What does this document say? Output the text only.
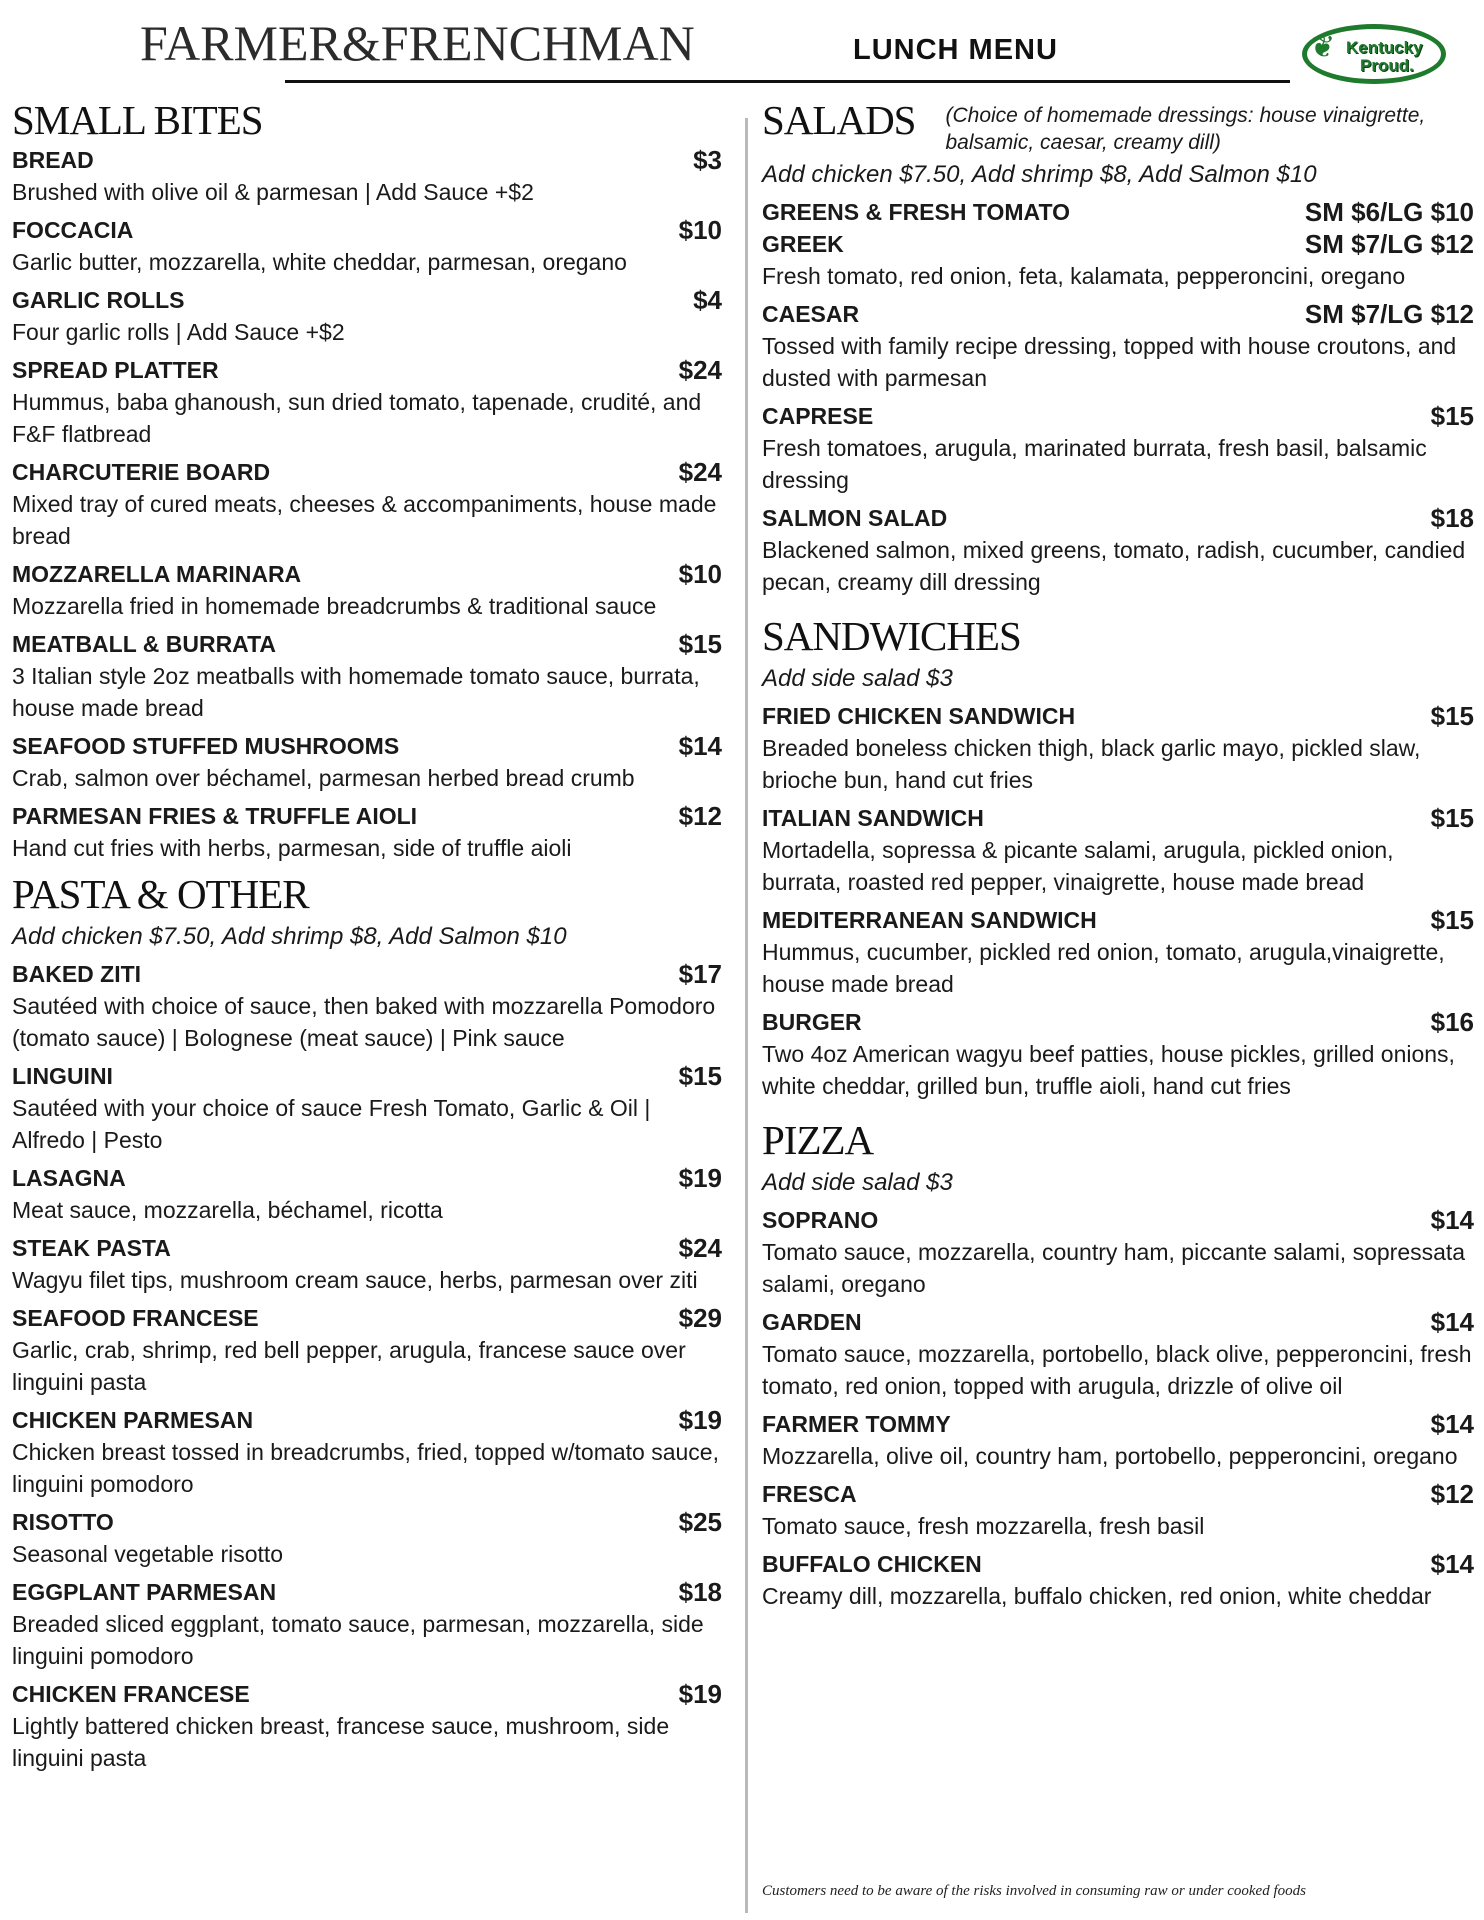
FARMER&FRENCHMAN	LUNCH MENU	❦ Kentucky
Proud.
SMALL BITES
BREAD	$3
Brushed with olive oil & parmesan | Add Sauce +$2
FOCCACIA	$10
Garlic butter, mozzarella, white cheddar, parmesan, oregano
GARLIC ROLLS	$4
Four garlic rolls | Add Sauce +$2
SPREAD PLATTER	$24
Hummus, baba ghanoush, sun dried tomato, tapenade, crudité, and F&F flatbread
CHARCUTERIE BOARD	$24
Mixed tray of cured meats, cheeses & accompaniments, house made bread
MOZZARELLA MARINARA	$10
Mozzarella fried in homemade breadcrumbs & traditional sauce
MEATBALL & BURRATA	$15
3 Italian style 2oz meatballs with homemade tomato sauce, burrata, house made bread
SEAFOOD STUFFED MUSHROOMS	$14
Crab, salmon over béchamel, parmesan herbed bread crumb
PARMESAN FRIES & TRUFFLE AIOLI	$12
Hand cut fries with herbs, parmesan, side of truffle aioli
PASTA & OTHER
Add chicken $7.50, Add shrimp $8, Add Salmon $10
BAKED ZITI	$17
Sautéed with choice of sauce, then baked with mozzarella Pomodoro (tomato sauce) | Bolognese (meat sauce) | Pink sauce
LINGUINI	$15
Sautéed with your choice of sauce Fresh Tomato, Garlic & Oil | Alfredo | Pesto
LASAGNA	$19
Meat sauce, mozzarella, béchamel, ricotta
STEAK PASTA	$24
Wagyu filet tips, mushroom cream sauce, herbs, parmesan over ziti
SEAFOOD FRANCESE	$29
Garlic, crab, shrimp, red bell pepper, arugula, francese sauce over linguini pasta
CHICKEN PARMESAN	$19
Chicken breast tossed in breadcrumbs, fried, topped w/tomato sauce, linguini pomodoro
RISOTTO	$25
Seasonal vegetable risotto
EGGPLANT PARMESAN	$18
Breaded sliced eggplant, tomato sauce, parmesan, mozzarella, side linguini pomodoro
CHICKEN FRANCESE	$19
Lightly battered chicken breast, francese sauce, mushroom, side linguini pasta
SALADS (Choice of homemade dressings: house vinaigrette, balsamic, caesar, creamy dill)
Add chicken $7.50, Add shrimp $8, Add Salmon $10
GREENS & FRESH TOMATO	SM $6/LG $10
GREEK	SM $7/LG $12
Fresh tomato, red onion, feta, kalamata, pepperoncini, oregano
CAESAR	SM $7/LG $12
Tossed with family recipe dressing, topped with house croutons, and dusted with parmesan
CAPRESE	$15
Fresh tomatoes, arugula, marinated burrata, fresh basil, balsamic dressing
SALMON SALAD	$18
Blackened salmon, mixed greens, tomato, radish, cucumber, candied pecan, creamy dill dressing
SANDWICHES
Add side salad $3
FRIED CHICKEN SANDWICH	$15
Breaded boneless chicken thigh, black garlic mayo, pickled slaw, brioche bun, hand cut fries
ITALIAN SANDWICH	$15
Mortadella, sopressa & picante salami, arugula, pickled onion, burrata, roasted red pepper, vinaigrette, house made bread
MEDITERRANEAN SANDWICH	$15
Hummus, cucumber, pickled red onion, tomato, arugula,vinaigrette, house made bread
BURGER	$16
Two 4oz American wagyu beef patties, house pickles, grilled onions, white cheddar, grilled bun, truffle aioli, hand cut fries
PIZZA
Add side salad $3
SOPRANO	$14
Tomato sauce, mozzarella, country ham, piccante salami, sopressata salami, oregano
GARDEN	$14
Tomato sauce, mozzarella, portobello, black olive, pepperoncini, fresh tomato, red onion, topped with arugula, drizzle of olive oil
FARMER TOMMY	$14
Mozzarella, olive oil, country ham, portobello, pepperoncini, oregano
FRESCA	$12
Tomato sauce, fresh mozzarella, fresh basil
BUFFALO CHICKEN	$14
Creamy dill, mozzarella, buffalo chicken, red onion, white cheddar
Customers need to be aware of the risks involved in consuming raw or under cooked foods
